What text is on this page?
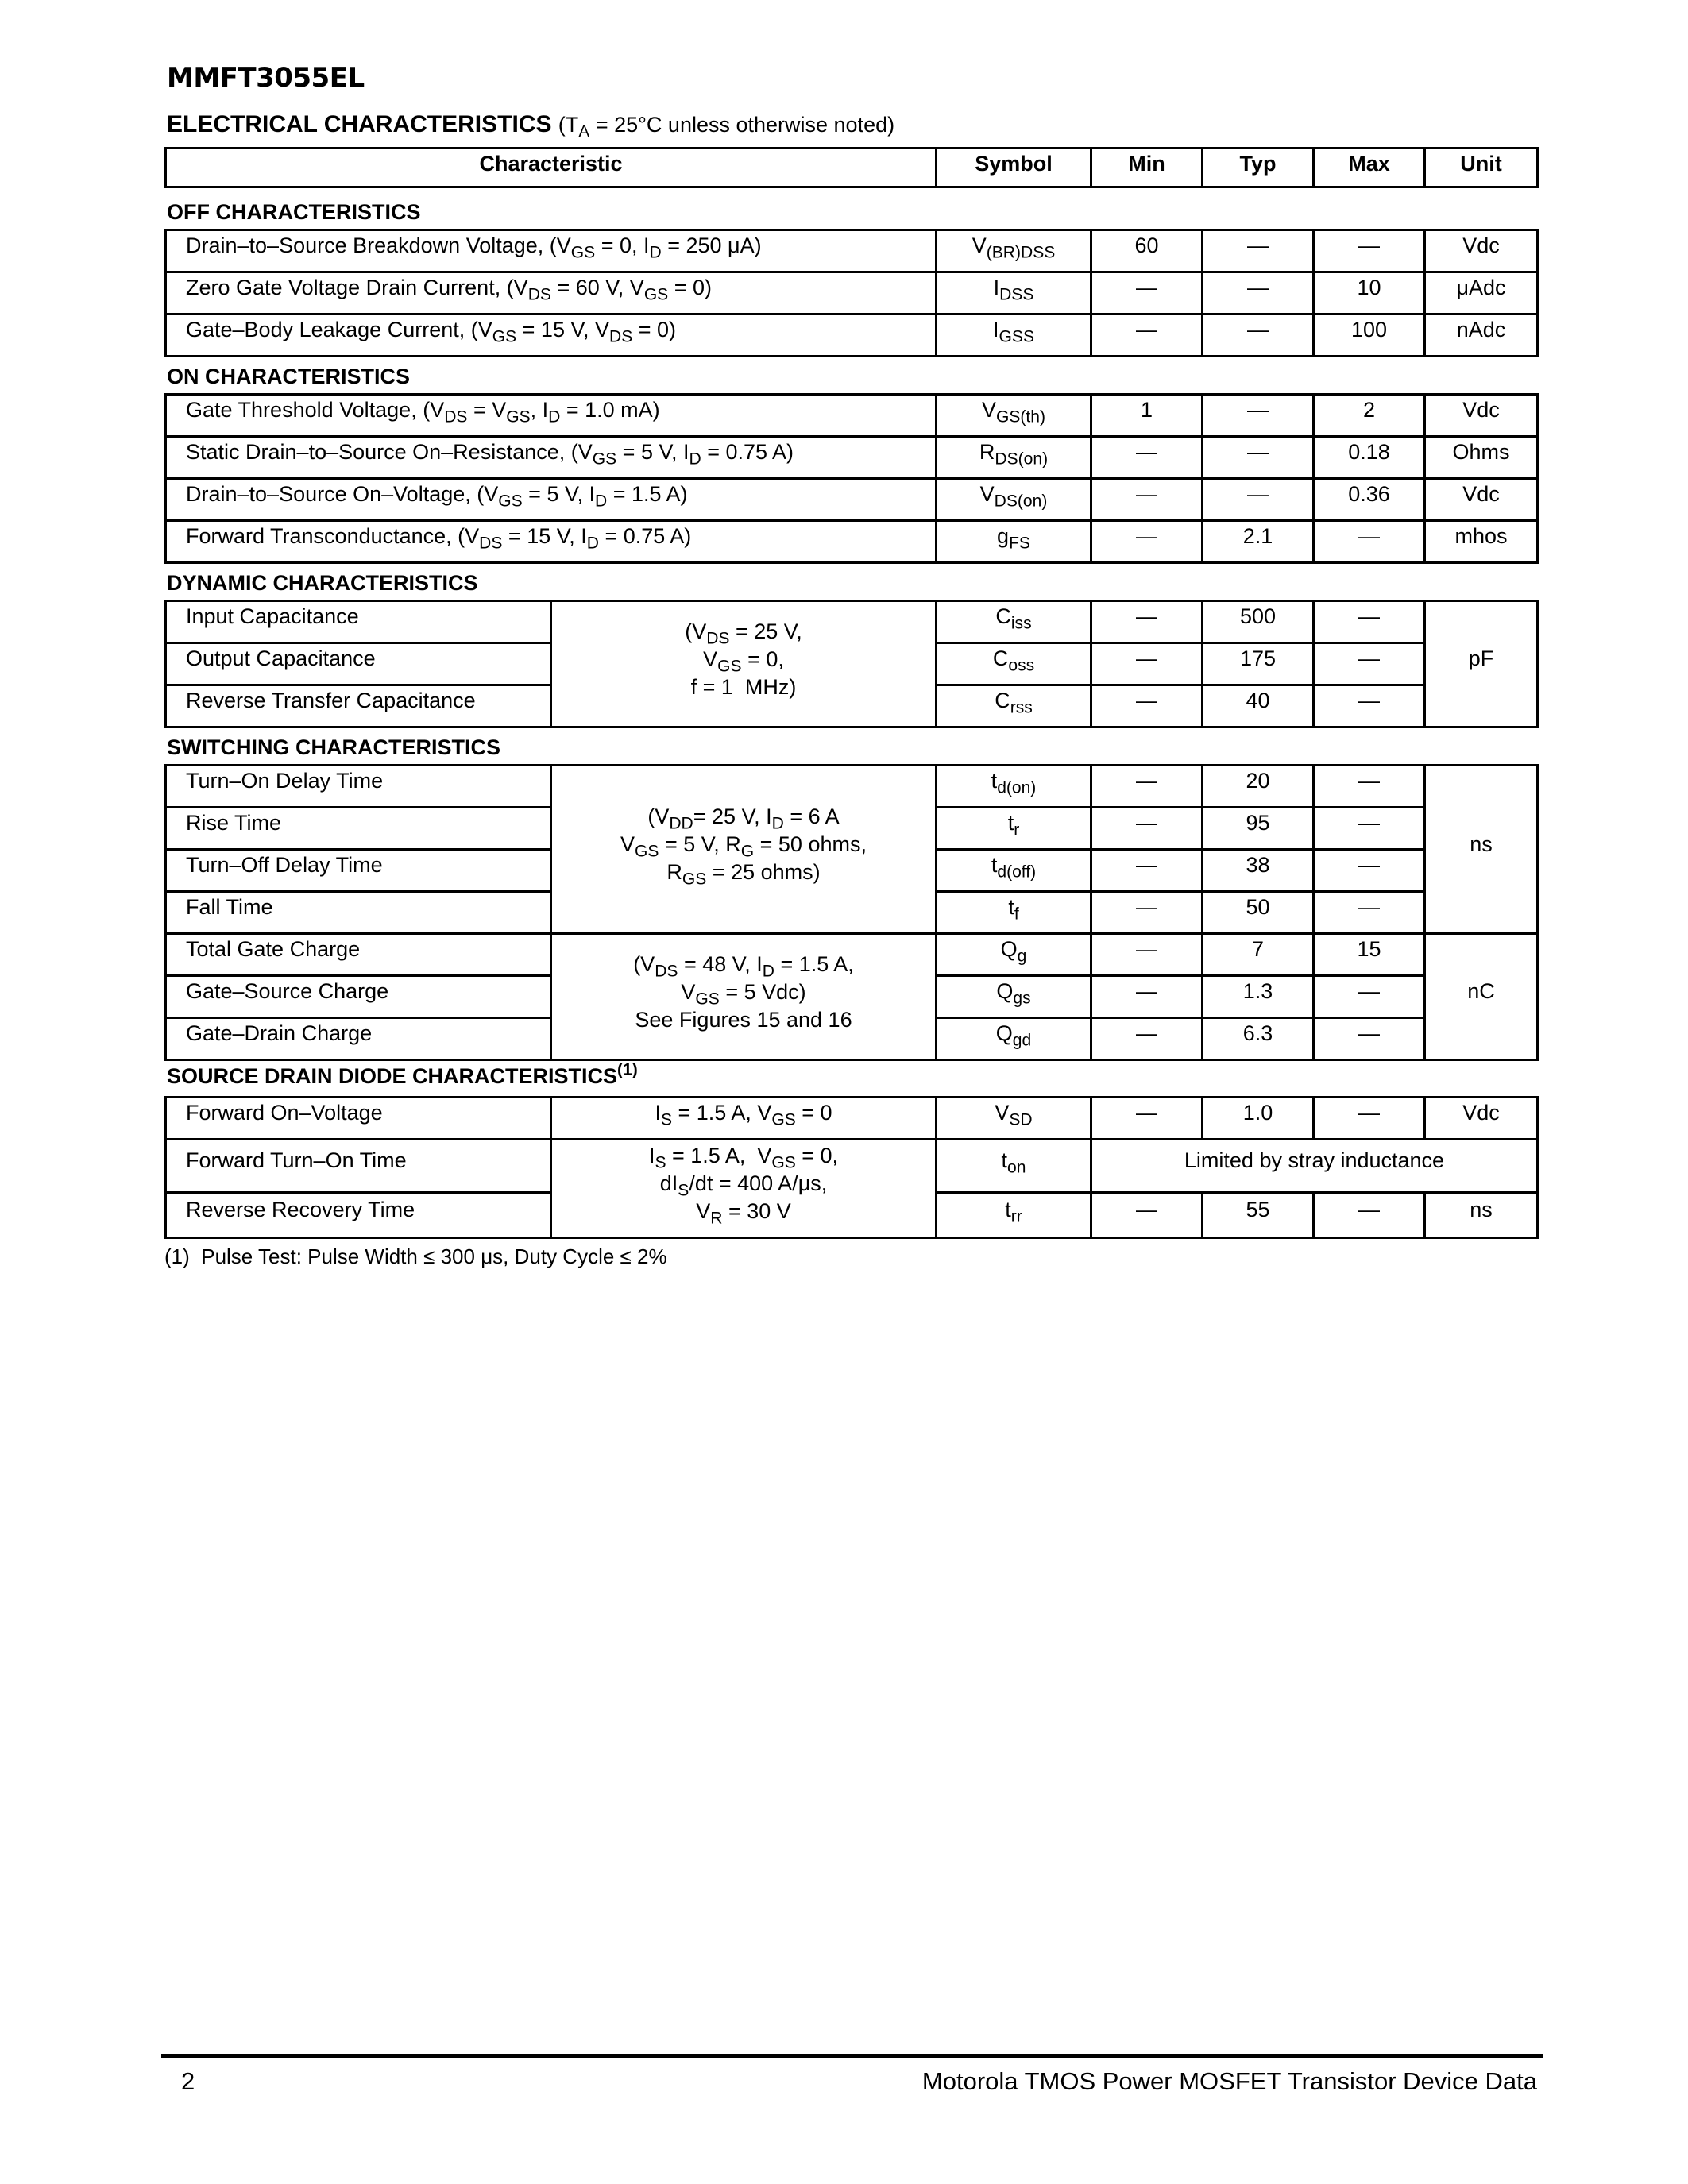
MMFT3055EL
ELECTRICAL CHARACTERISTICS ($T_A = 25^\circ C$ unless otherwise noted)
Characteristic	Symbol	Min	Typ	Max	Unit
OFF CHARACTERISTICS
Drain–to–Source Breakdown Voltage, ($V_{GS} = 0$, $I_D = 250$ μA)	$V_{(BR)DSS}$	60	—	—	Vdc
Zero Gate Voltage Drain Current, ($V_{DS} = 60$ V, $V_{GS} = 0$)	$I_{DSS}$	—	—	10	μAdc
Gate–Body Leakage Current, ($V_{GS} = 15$ V, $V_{DS} = 0$)	$I_{GSS}$	—	—	100	nAdc
ON CHARACTERISTICS
Gate Threshold Voltage, ($V_{DS} = V_{GS}$, $I_D = 1.0$ mA)	$V_{GS(th)}$	1	—	2	Vdc
Static Drain–to–Source On–Resistance, ($V_{GS} = 5$ V, $I_D = 0.75$ A)	$R_{DS(on)}$	—	—	0.18	Ohms
Drain–to–Source On–Voltage, ($V_{GS} = 5$ V, $I_D = 1.5$ A)	$V_{DS(on)}$	—	—	0.36	Vdc
Forward Transconductance, ($V_{DS} = 15$ V, $I_D = 0.75$ A)	$g_{FS}$	—	2.1	—	mhos
DYNAMIC CHARACTERISTICS
Input Capacitance	($V_{DS} = 25$ V,
$V_{GS} = 0$,
f = 1  MHz)	$C_{iss}$	—	500	—	pF
Output Capacitance		$C_{oss}$	—	175	—	
Reverse Transfer Capacitance		$C_{rss}$	—	40	—	
SWITCHING CHARACTERISTICS
Turn–On Delay Time	($V_{DD}= 25$ V, $I_D = 6$ A
$V_{GS} = 5$ V, $R_G = 50$ ohms,
$R_{GS} = 25$ ohms)	$t_{d(on)}$	—	20	—	ns
Rise Time		$t_r$	—	95	—	
Turn–Off Delay Time		$t_{d(off)}$	—	38	—	
Fall Time		$t_f$	—	50	—	
Total Gate Charge	($V_{DS} = 48$ V, $I_D = 1.5$ A,
$V_{GS} = 5$ Vdc)
See Figures 15 and 16	$Q_g$	—	7	15	nC
Gate–Source Charge		$Q_{gs}$	—	1.3	—	
Gate–Drain Charge		$Q_{gd}$	—	6.3	—	
SOURCE DRAIN DIODE CHARACTERISTICS$^{(1)}$
Forward On–Voltage	$I_S = 1.5$ A, $V_{GS} = 0$	$V_{SD}$	—	1.0	—	Vdc
Forward Turn–On Time	$I_S = 1.5$ A,  $V_{GS} = 0$,
$dI_S/dt = 400$ A/μs,
$V_R = 30$ V	$t_{on}$	Limited by stray inductance			
Reverse Recovery Time		$t_{rr}$	—	55	—	ns
(1)  Pulse Test: Pulse Width ≤ 300 μs, Duty Cycle ≤ 2%
2	Motorola TMOS Power MOSFET Transistor Device Data
